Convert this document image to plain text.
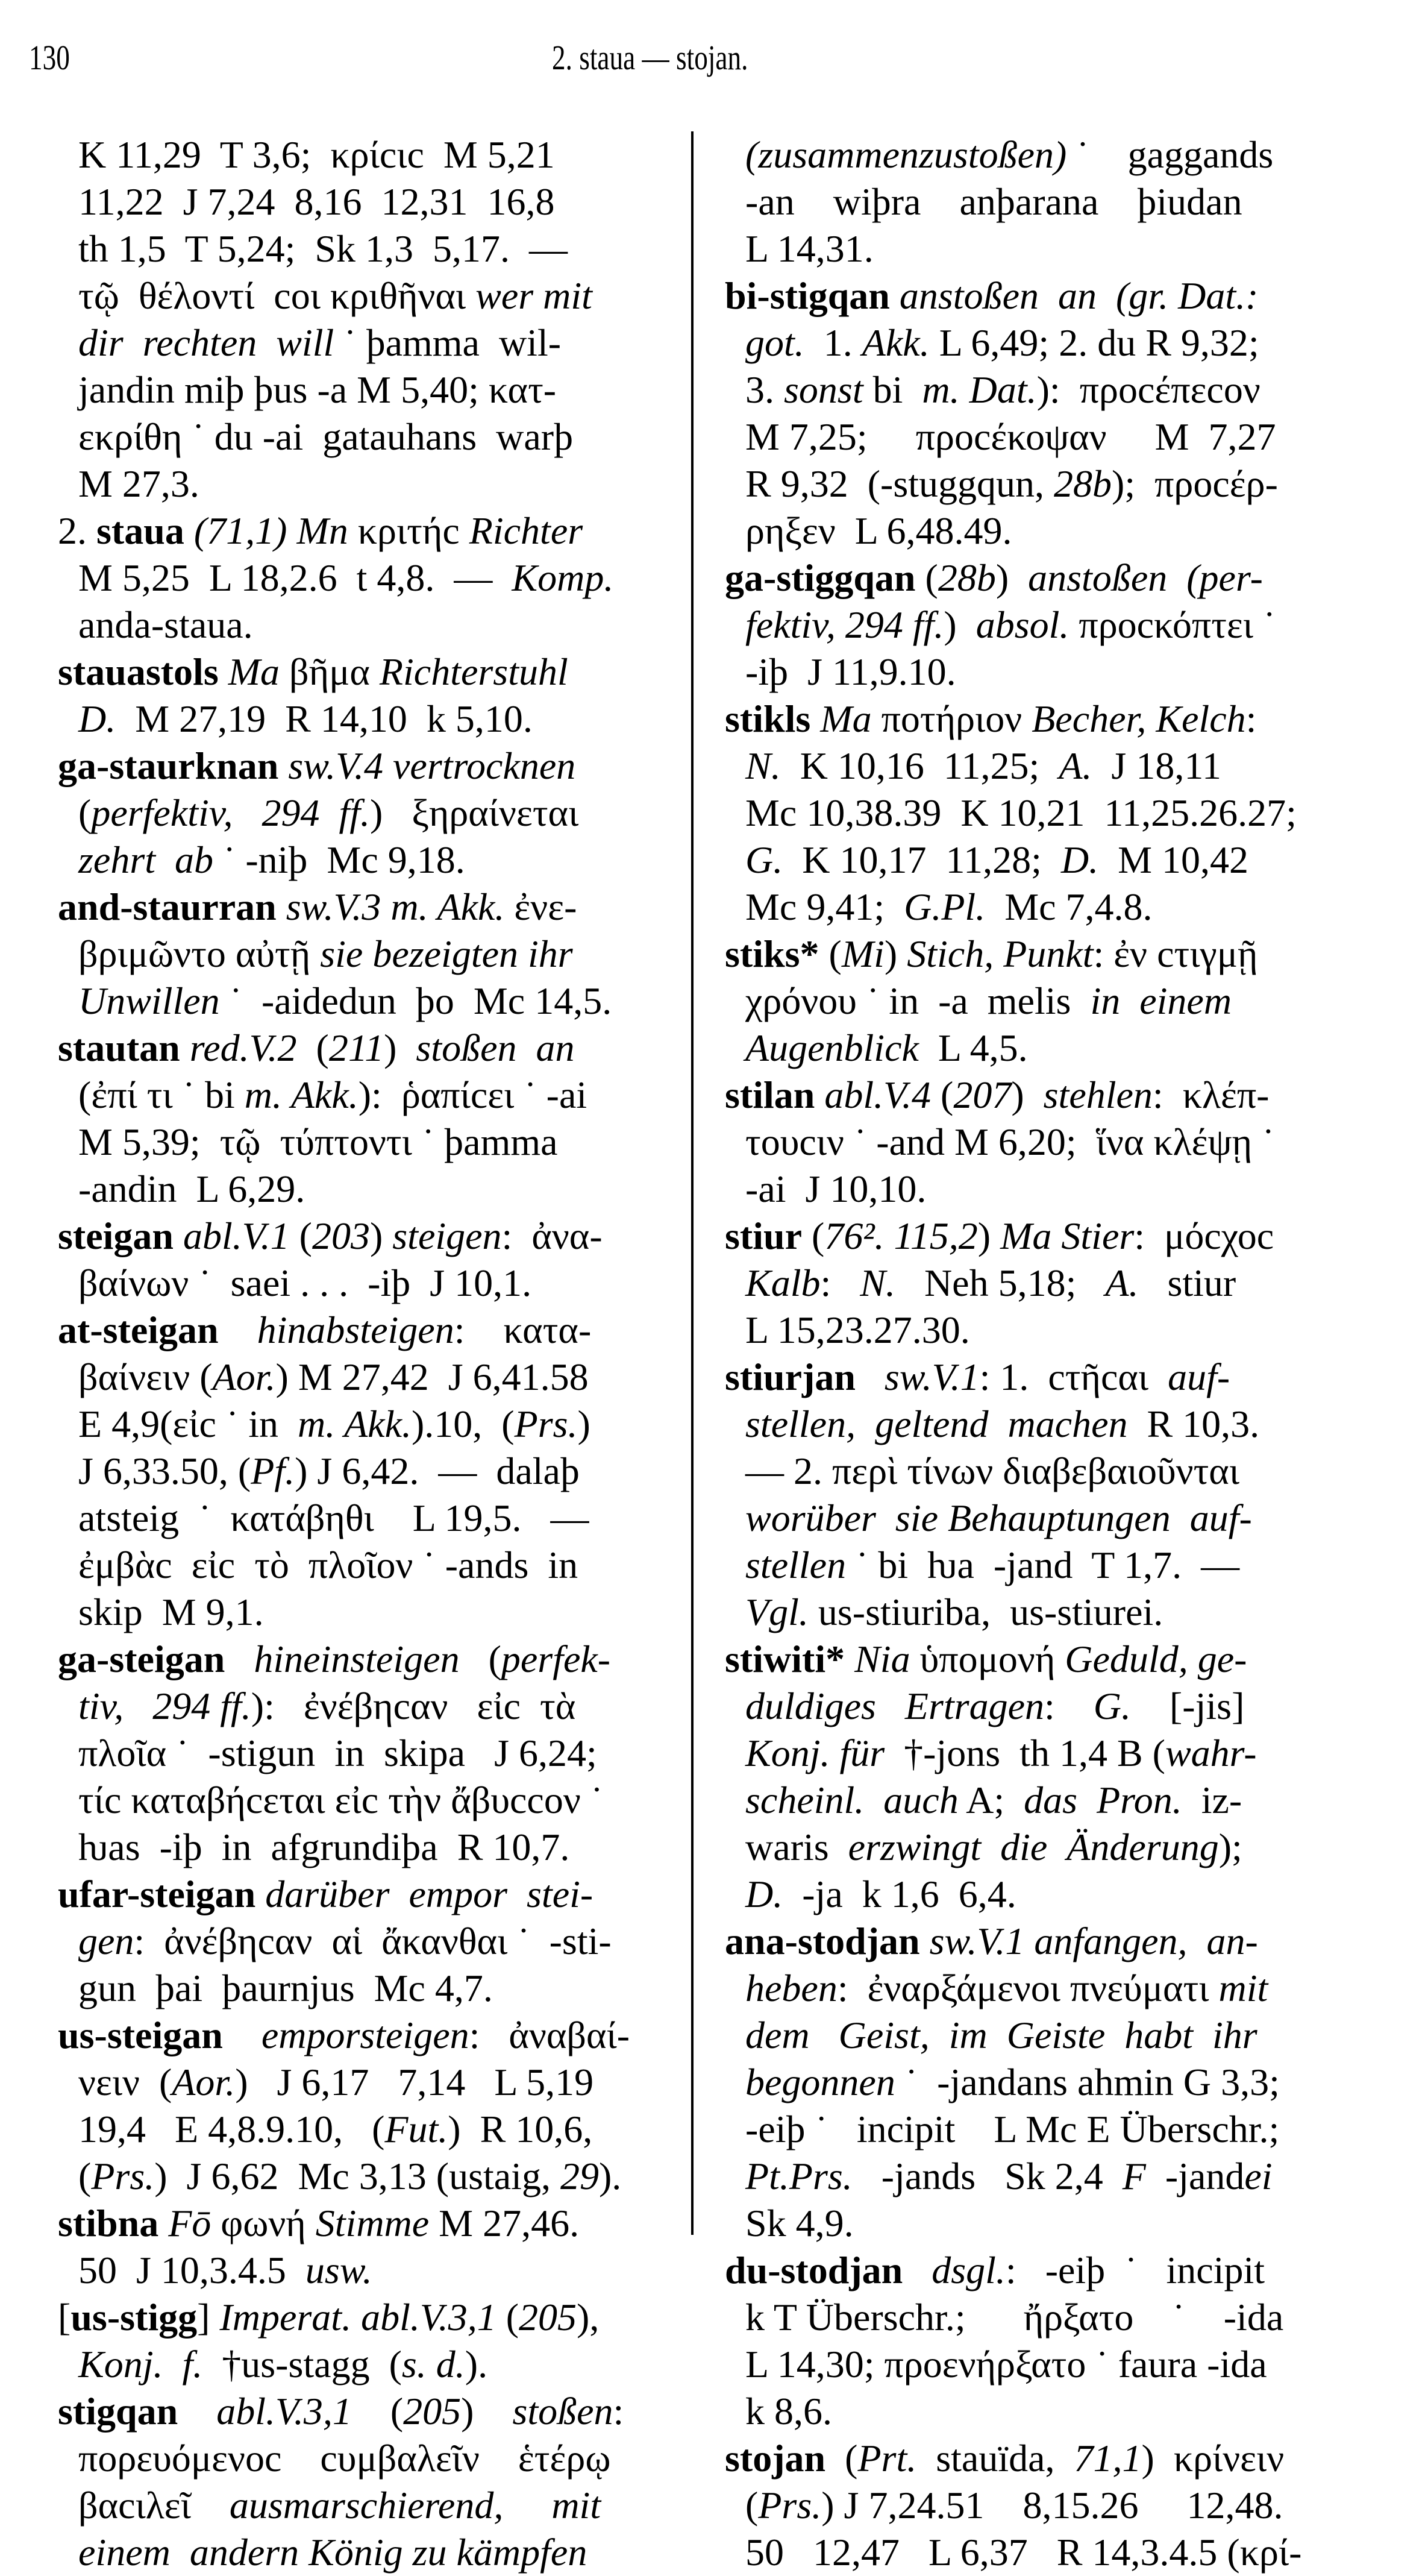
130	2. staua — stojan.
K 11,29  T 3,6;  κρίcιc  M 5,21
11,22  J 7,24  8,16  12,31  16,8
th 1,5  T 5,24;  Sk 1,3  5,17.  —
τῷ  θέλοντί  coι κριθῆναι wer mit
dir  rechten  will ˙ þamma  wil-
jandin miþ þus -a M 5,40; κατ-
εκρίθη ˙ du -ai  gatauhans  warþ
M 27,3.
2. staua (71,1) Mn κριτήc Richter
M 5,25  L 18,2.6  t 4,8.  —  Komp.
anda-staua.
stauastols Ma βῆμα Richterstuhl
D.  M 27,19  R 14,10  k 5,10.
ga-staurknan sw.V.4 vertrocknen
(perfektiv,   294  ff.)   ξηραίνεται
zehrt  ab ˙ -niþ  Mc 9,18.
and-staurran sw.V.3 m. Akk. ἐνε-
βριμῶντο αὐτῇ sie bezeigten ihr
Unwillen ˙  -aidedun  þo  Mc 14,5.
stautan red.V.2  (211)  stoßen  an
(ἐπί τι ˙ bi m. Akk.):  ῥαπίcει ˙ -ai
M 5,39;  τῷ  τύπτοντι ˙ þamma
-andin  L 6,29.
steigan abl.V.1 (203) steigen:  ἀνα-
βαίνων ˙  saei . . .  -iþ  J 10,1.
at-steigan hinabsteigen:    κατα-
βαίνειν (Aor.) M 27,42  J 6,41.58
E 4,9(εἰc ˙ in  m. Akk.).10,  (Prs.)
J 6,33.50, (Pf.) J 6,42.  —  dalaþ
atsteig  ˙  κατάβηθι    L 19,5.   —
ἐμβὰc  εἰc  τὸ  πλοῖον ˙ -ands  in
skip  M 9,1.
ga-steigan hineinsteigen   (perfek-
tiv,   294 ff.):   ἐνέβηcαν   εἰc  τὰ
πλοῖα ˙  -stigun  in  skipa   J 6,24;
τίc καταβήcεται εἰc τὴν ἄβυccον ˙
ƕas  -iþ  in  afgrundiþa  R 10,7.
ufar-steigan darüber  empor  stei-
gen:  ἀνέβηcαν  αἱ  ἄκανθαι ˙  -sti-
gun  þai  þaurnjus  Mc 4,7.
us-steigan emporsteigen:   ἀναβαί-
νειν  (Aor.)   J 6,17   7,14   L 5,19
19,4   E 4,8.9.10,   (Fut.)  R 10,6,
(Prs.)  J 6,62  Mc 3,13 (ustaig, 29).
stibna Fō φωνή Stimme M 27,46.
50  J 10,3.4.5  usw.
[us-stigg] Imperat. abl.V.3,1 (205),
Konj.  f.  †us-stagg  (s. d.).
stigqan abl.V.3,1    (205)    stoßen:
πορευόμενοc    cυμβαλεῖν    ἑτέρῳ
βαcιλεῖ    ausmarschierend,     mit
einem  andern König zu kämpfen
(zusammenzustoßen) ˙    gaggands
-an    wiþra    anþarana    þiudan
L 14,31.
bi-stigqan anstoßen  an  (gr. Dat.:
got.  1. Akk. L 6,49; 2. du R 9,32;
3. sonst bi  m. Dat.):  προcέπεcον
M 7,25;     προcέκοψαν     M  7,27
R 9,32  (-stuggqun, 28b);  προcέρ-
ρηξεν  L 6,48.49.
ga-stiggqan (28b)  anstoßen  (per-
fektiv, 294 ff.)  absol. προcκόπτει ˙
-iþ  J 11,9.10.
stikls Ma ποτήριον Becher, Kelch:
N.  K 10,16  11,25;  A.  J 18,11
Mc 10,38.39  K 10,21  11,25.26.27;
G.  K 10,17  11,28;  D.  M 10,42
Mc 9,41;  G.Pl.  Mc 7,4.8.
stiks* (Mi) Stich, Punkt: ἐν cτιγμῇ
χρόνου ˙ in  -a  melis  in  einem
Augenblick  L 4,5.
stilan abl.V.4 (207)  stehlen:  κλέπ-
τουcιν ˙ -and M 6,20;  ἵνα κλέψῃ ˙
-ai  J 10,10.
stiur (76². 115,2) Ma Stier:  μόcχοc
Kalb:   N.   Neh 5,18;   A.   stiur
L 15,23.27.30.
stiurjan sw.V.1: 1.  cτῆcαι  auf-
stellen,  geltend  machen  R 10,3.
— 2. περὶ τίνων διαβεβαιοῦνται
worüber  sie Behauptungen  auf-
stellen ˙ bi  ƕa  -jand  T 1,7.  —
Vgl. us-stiuriba,  us-stiurei.
stiwiti* Nia ὑπομονή Geduld, ge-
duldiges   Ertragen:    G.    [-jis]
Konj. für  †-jons  th 1,4 B (wahr-
scheinl.  auch A;  das  Pron.  iz-
waris  erzwingt  die  Änderung);
D.  -ja  k 1,6  6,4.
ana-stodjan sw.V.1 anfangen,  an-
heben:  ἐναρξάμενοι πνεύματι mit
dem   Geist,  im  Geiste  habt  ihr
begonnen ˙  -jandans ahmin G 3,3;
-eiþ ˙   incipit    L Mc E Überschr.;
Pt.Prs.   -jands   Sk 2,4  F  -jandei
Sk 4,9.
du-stodjan dsgl.:   -eiþ  ˙   incipit
k T Überschr.;      ἤρξατο    ˙    -ida
L 14,30; προενήρξατο ˙ faura -ida
k 8,6.
stojan  (Prt.  stauïda,  71,1)  κρίνειν
(Prs.) J 7,24.51    8,15.26     12,48.
50   12,47   L 6,37   R 14,3.4.5 (κρί-
